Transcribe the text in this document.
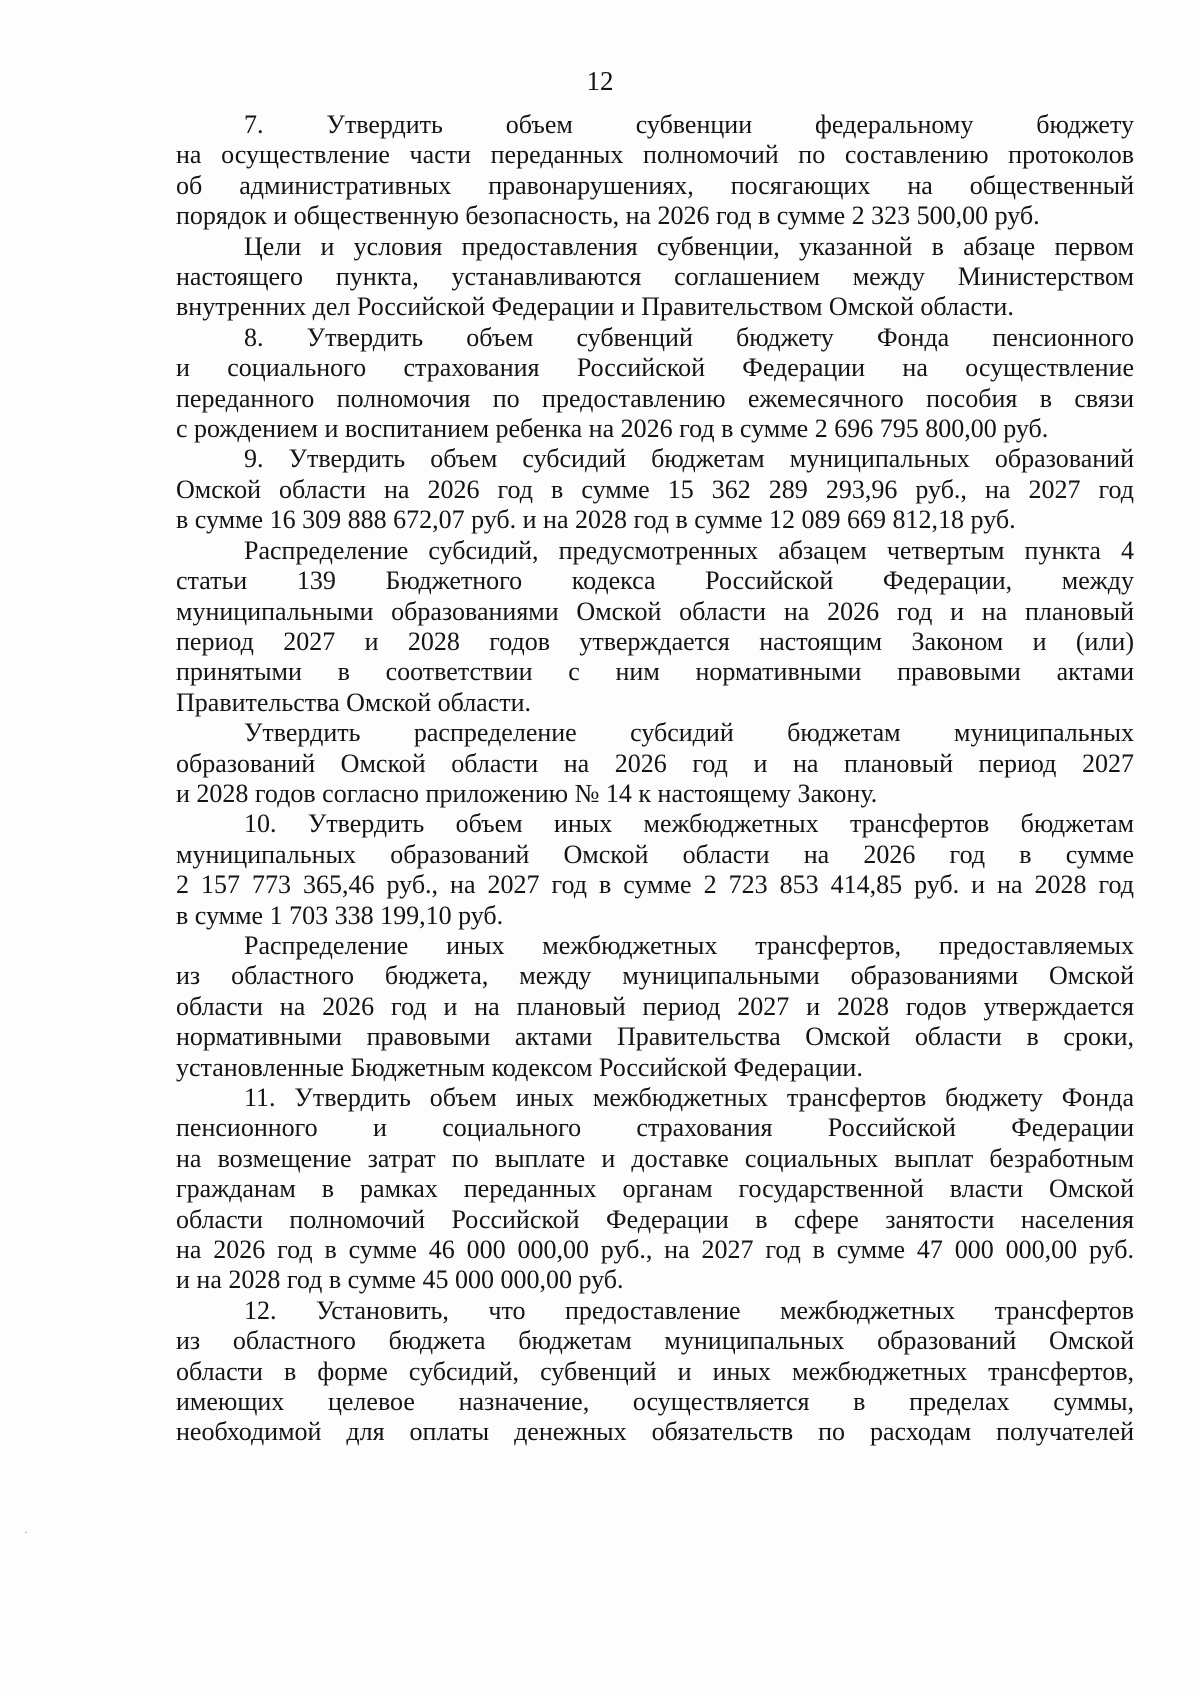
12

7. Утвердить объем субвенции федеральному бюджету
на осуществление части переданных полномочий по составлению протоколов
об административных правонарушениях, посягающих на общественный
порядок и общественную безопасность, на 2026 год в сумме 2 323 500,00 руб.

Цели и условия предоставления субвенции, указанной в абзаце первом
настоящего пункта, устанавливаются соглашением между Министерством
внутренних дел Российской Федерации и Правительством Омской области.

8. Утвердить объем субвенций бюджету Фонда пенсионного
и социального страхования Российской Федерации на осуществление
переданного полномочия по предоставлению ежемесячного пособия в связи
с рождением и воспитанием ребенка на 2026 год в сумме 2 696 795 800,00 руб.

9. Утвердить объем субсидий бюджетам муниципальных образований
Омской области на 2026 год в сумме 15 362 289 293,96 руб., на 2027 год
в сумме 16 309 888 672,07 руб. и на 2028 год в сумме 12 089 669 812,18 руб.

Распределение субсидий, предусмотренных абзацем четвертым пункта 4
статьи 139 Бюджетного кодекса Российской Федерации, между
муниципальными образованиями Омской области на 2026 год и на плановый
период 2027 и 2028 годов утверждается настоящим Законом и (или)
принятыми в соответствии с ним нормативными правовыми актами
Правительства Омской области.

Утвердить распределение субсидий бюджетам муниципальных
образований Омской области на 2026 год и на плановый период 2027
и 2028 годов согласно приложению № 14 к настоящему Закону.

10. Утвердить объем иных межбюджетных трансфертов бюджетам
муниципальных образований Омской области на 2026 год в сумме
2 157 773 365,46 руб., на 2027 год в сумме 2 723 853 414,85 руб. и на 2028 год
в сумме 1 703 338 199,10 руб.

Распределение иных межбюджетных трансфертов, предоставляемых
из областного бюджета, между муниципальными образованиями Омской
области на 2026 год и на плановый период 2027 и 2028 годов утверждается
нормативными правовыми актами Правительства Омской области в сроки,
установленные Бюджетным кодексом Российской Федерации.

11. Утвердить объем иных межбюджетных трансфертов бюджету Фонда
пенсионного и социального страхования Российской Федерации
на возмещение затрат по выплате и доставке социальных выплат безработным
гражданам в рамках переданных органам государственной власти Омской
области полномочий Российской Федерации в сфере занятости населения
на 2026 год в сумме 46 000 000,00 руб., на 2027 год в сумме 47 000 000,00 руб.
и на 2028 год в сумме 45 000 000,00 руб.

12. Установить, что предоставление межбюджетных трансфертов
из областного бюджета бюджетам муниципальных образований Омской
области в форме субсидий, субвенций и иных межбюджетных трансфертов,
имеющих целевое назначение, осуществляется в пределах суммы,
необходимой для оплаты денежных обязательств по расходам получателей

·
